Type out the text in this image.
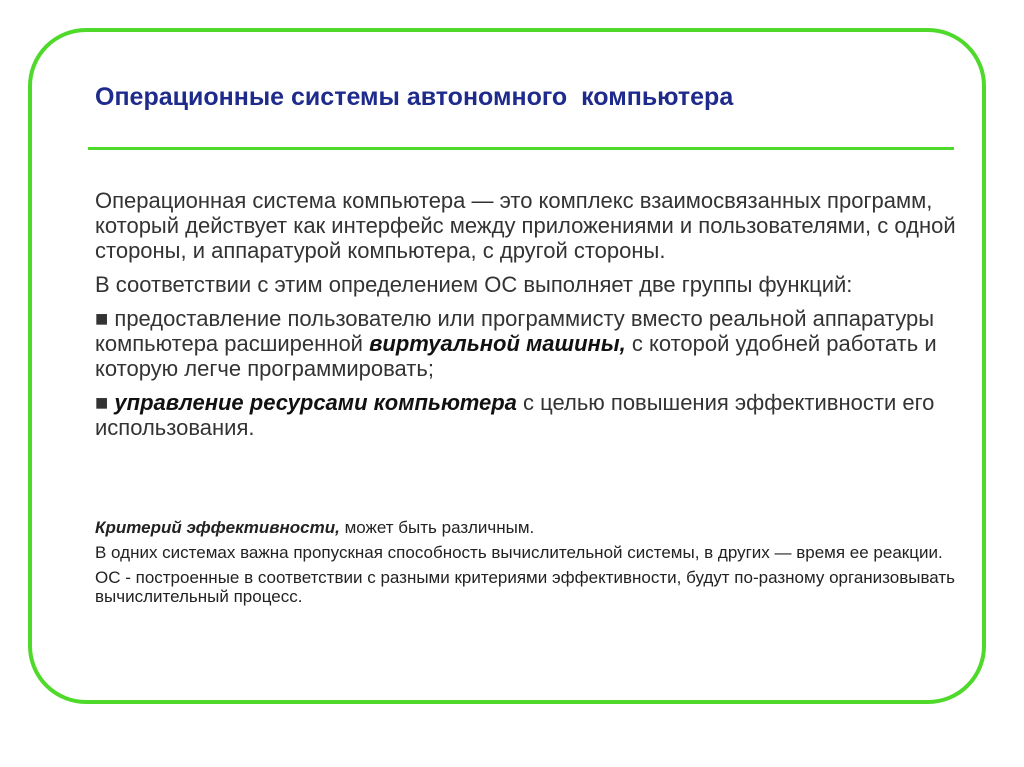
Операционные системы автономного  компьютера

Операционная система компьютера — это комплекс взаимосвязанных программ, который действует как интерфейс между приложениями и пользователями, с одной стороны, и аппаратурой компьютера, с другой стороны.

В соответствии с этим определением ОС выполняет две группы функций:

■ предоставление пользователю или программисту вместо реальной аппаратуры компьютера расширенной виртуальной машины, с которой удобней работать и которую легче программировать;

■ управление ресурсами компьютера с целью повышения эффективности его использования.

Критерий эффективности, может быть различным.

В одних системах важна пропускная способность вычислительной системы, в других — время ее реакции.

ОС - построенные в соответствии с разными критериями эффективности, будут по-разному организовывать вычислительный процесс.
